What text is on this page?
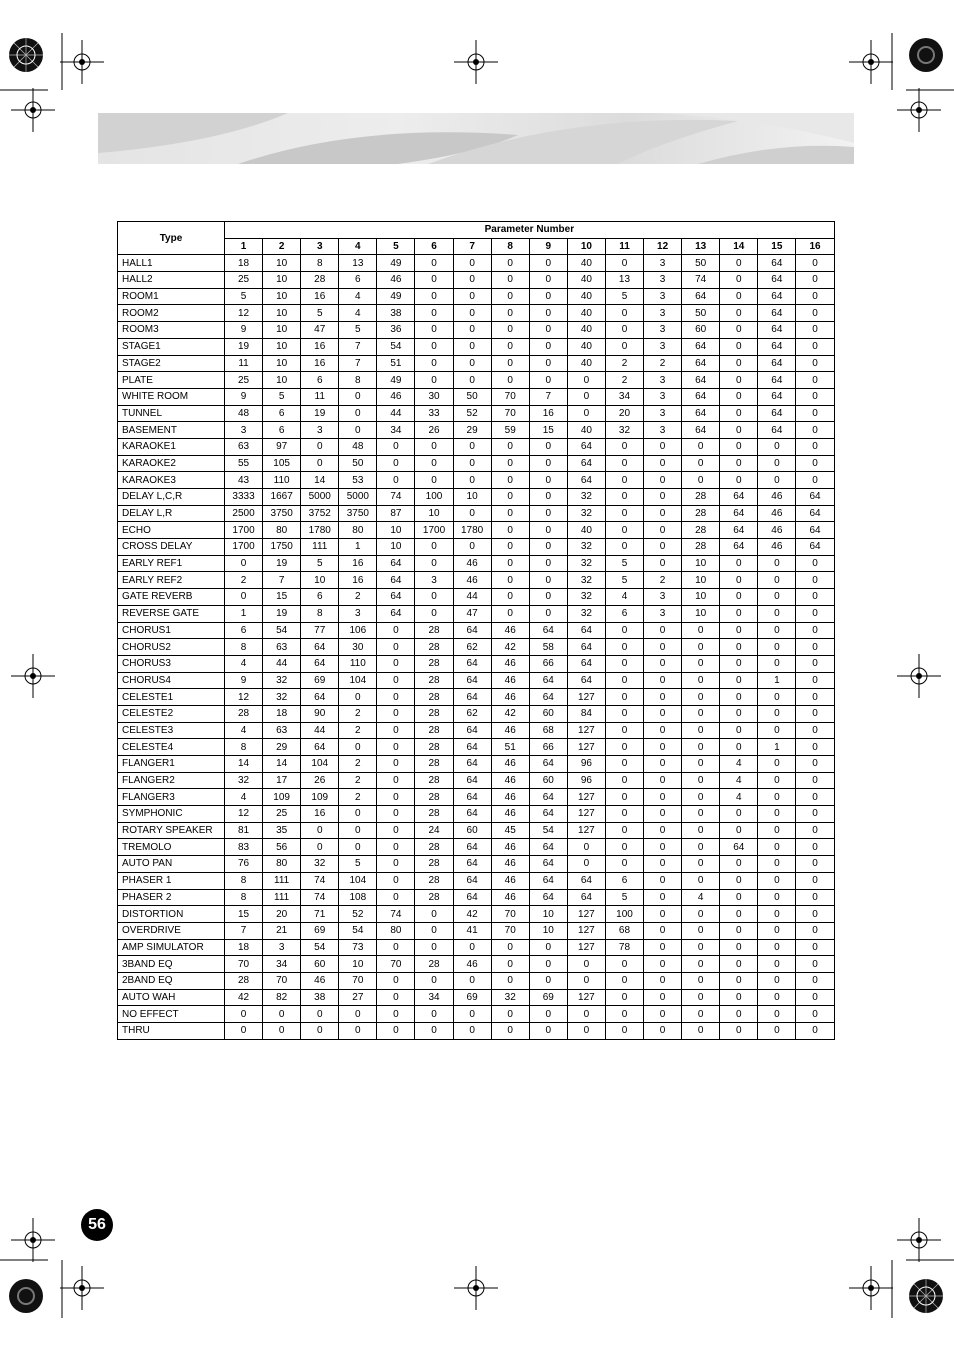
Type	Parameter Number															
	1	2	3	4	5	6	7	8	9	10	11	12	13	14	15	16
HALL1	18	10	8	13	49	0	0	0	0	40	0	3	50	0	64	0
HALL2	25	10	28	6	46	0	0	0	0	40	13	3	74	0	64	0
ROOM1	5	10	16	4	49	0	0	0	0	40	5	3	64	0	64	0
ROOM2	12	10	5	4	38	0	0	0	0	40	0	3	50	0	64	0
ROOM3	9	10	47	5	36	0	0	0	0	40	0	3	60	0	64	0
STAGE1	19	10	16	7	54	0	0	0	0	40	0	3	64	0	64	0
STAGE2	11	10	16	7	51	0	0	0	0	40	2	2	64	0	64	0
PLATE	25	10	6	8	49	0	0	0	0	0	2	3	64	0	64	0
WHITE ROOM	9	5	11	0	46	30	50	70	7	0	34	3	64	0	64	0
TUNNEL	48	6	19	0	44	33	52	70	16	0	20	3	64	0	64	0
BASEMENT	3	6	3	0	34	26	29	59	15	40	32	3	64	0	64	0
KARAOKE1	63	97	0	48	0	0	0	0	0	64	0	0	0	0	0	0
KARAOKE2	55	105	0	50	0	0	0	0	0	64	0	0	0	0	0	0
KARAOKE3	43	110	14	53	0	0	0	0	0	64	0	0	0	0	0	0
DELAY L,C,R	3333	1667	5000	5000	74	100	10	0	0	32	0	0	28	64	46	64
DELAY L,R	2500	3750	3752	3750	87	10	0	0	0	32	0	0	28	64	46	64
ECHO	1700	80	1780	80	10	1700	1780	0	0	40	0	0	28	64	46	64
CROSS DELAY	1700	1750	111	1	10	0	0	0	0	32	0	0	28	64	46	64
EARLY REF1	0	19	5	16	64	0	46	0	0	32	5	0	10	0	0	0
EARLY REF2	2	7	10	16	64	3	46	0	0	32	5	2	10	0	0	0
GATE REVERB	0	15	6	2	64	0	44	0	0	32	4	3	10	0	0	0
REVERSE GATE	1	19	8	3	64	0	47	0	0	32	6	3	10	0	0	0
CHORUS1	6	54	77	106	0	28	64	46	64	64	0	0	0	0	0	0
CHORUS2	8	63	64	30	0	28	62	42	58	64	0	0	0	0	0	0
CHORUS3	4	44	64	110	0	28	64	46	66	64	0	0	0	0	0	0
CHORUS4	9	32	69	104	0	28	64	46	64	64	0	0	0	0	1	0
CELESTE1	12	32	64	0	0	28	64	46	64	127	0	0	0	0	0	0
CELESTE2	28	18	90	2	0	28	62	42	60	84	0	0	0	0	0	0
CELESTE3	4	63	44	2	0	28	64	46	68	127	0	0	0	0	0	0
CELESTE4	8	29	64	0	0	28	64	51	66	127	0	0	0	0	1	0
FLANGER1	14	14	104	2	0	28	64	46	64	96	0	0	0	4	0	0
FLANGER2	32	17	26	2	0	28	64	46	60	96	0	0	0	4	0	0
FLANGER3	4	109	109	2	0	28	64	46	64	127	0	0	0	4	0	0
SYMPHONIC	12	25	16	0	0	28	64	46	64	127	0	0	0	0	0	0
ROTARY SPEAKER	81	35	0	0	0	24	60	45	54	127	0	0	0	0	0	0
TREMOLO	83	56	0	0	0	28	64	46	64	0	0	0	0	64	0	0
AUTO PAN	76	80	32	5	0	28	64	46	64	0	0	0	0	0	0	0
PHASER 1	8	111	74	104	0	28	64	46	64	64	6	0	0	0	0	0
PHASER 2	8	111	74	108	0	28	64	46	64	64	5	0	4	0	0	0
DISTORTION	15	20	71	52	74	0	42	70	10	127	100	0	0	0	0	0
OVERDRIVE	7	21	69	54	80	0	41	70	10	127	68	0	0	0	0	0
AMP SIMULATOR	18	3	54	73	0	0	0	0	0	127	78	0	0	0	0	0
3BAND EQ	70	34	60	10	70	28	46	0	0	0	0	0	0	0	0	0
2BAND EQ	28	70	46	70	0	0	0	0	0	0	0	0	0	0	0	0
AUTO WAH	42	82	38	27	0	34	69	32	69	127	0	0	0	0	0	0
NO EFFECT	0	0	0	0	0	0	0	0	0	0	0	0	0	0	0	0
THRU	0	0	0	0	0	0	0	0	0	0	0	0	0	0	0	0
56
